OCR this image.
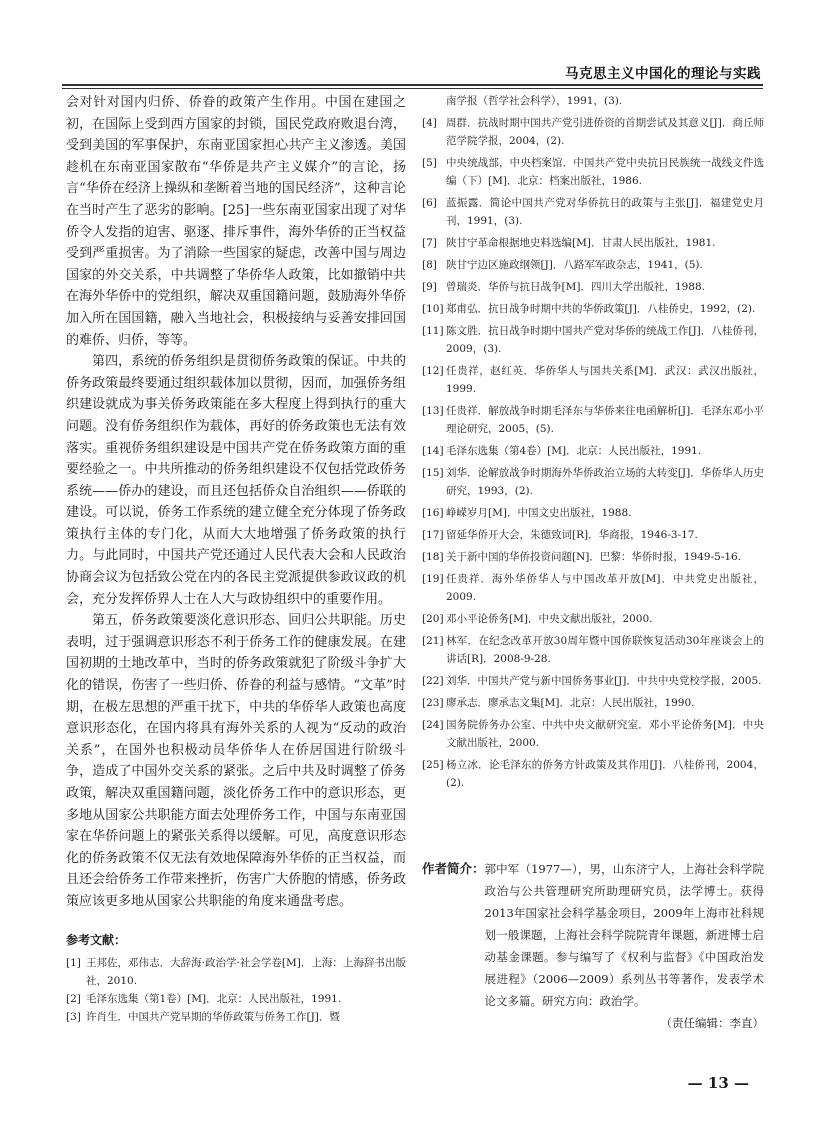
马克思主义中国化的理论与实践

会对针对国内归侨、侨眷的政策产生作用。中国在建国之初，在国际上受到西方国家的封锁，国民党政府败退台湾，受到美国的军事保护，东南亚国家担心共产主义渗透。美国趁机在东南亚国家散布“华侨是共产主义媒介”的言论，扬言“华侨在经济上操纵和垄断着当地的国民经济”，这种言论在当时产生了恶劣的影响。[25]一些东南亚国家出现了对华侨令人发指的迫害、驱逐、排斥事件，海外华侨的正当权益受到严重损害。为了消除一些国家的疑虑，改善中国与周边国家的外交关系，中共调整了华侨华人政策，比如撤销中共在海外华侨中的党组织，解决双重国籍问题，鼓励海外华侨加入所在国国籍，融入当地社会，积极接纳与妥善安排回国的难侨、归侨，等等。

第四，系统的侨务组织是贯彻侨务政策的保证。中共的侨务政策最终要通过组织载体加以贯彻，因而，加强侨务组织建设就成为事关侨务政策能在多大程度上得到执行的重大问题。没有侨务组织作为载体，再好的侨务政策也无法有效落实。重视侨务组织建设是中国共产党在侨务政策方面的重要经验之一。中共所推动的侨务组织建设不仅包括党政侨务系统——侨办的建设，而且还包括侨众自治组织——侨联的建设。可以说，侨务工作系统的建立健全充分体现了侨务政策执行主体的专门化，从而大大地增强了侨务政策的执行力。与此同时，中国共产党还通过人民代表大会和人民政治协商会议为包括致公党在内的各民主党派提供参政议政的机会，充分发挥侨界人士在人大与政协组织中的重要作用。

第五，侨务政策要淡化意识形态、回归公共职能。历史表明，过于强调意识形态不利于侨务工作的健康发展。在建国初期的土地改革中，当时的侨务政策就犯了阶级斗争扩大化的错误，伤害了一些归侨、侨眷的利益与感情。“文革”时期，在极左思想的严重干扰下，中共的华侨华人政策也高度意识形态化，在国内将具有海外关系的人视为“反动的政治关系”，在国外也积极动员华侨华人在侨居国进行阶级斗争，造成了中国外交关系的紧张。之后中共及时调整了侨务政策，解决双重国籍问题，淡化侨务工作中的意识形态，更多地从国家公共职能方面去处理侨务工作，中国与东南亚国家在华侨问题上的紧张关系得以缓解。可见，高度意识形态化的侨务政策不仅无法有效地保障海外华侨的正当权益，而且还会给侨务工作带来挫折，伤害广大侨胞的情感，侨务政策应该更多地从国家公共职能的角度来通盘考虑。

参考文献：
[1] 王邦佐，邓伟志．大辞海·政治学·社会学卷[M]．上海：上海辞书出版社，2010.
[2] 毛泽东选集（第1卷）[M]．北京：人民出版社，1991.
[3] 许肖生．中国共产党早期的华侨政策与侨务工作[J]．暨
南学报（哲学社会科学），1991，(3).
[4] 周群．抗战时期中国共产党引进侨资的首期尝试及其意义[J]．商丘师范学院学报，2004，(2).
[5] 中央统战部，中央档案馆．中国共产党中央抗日民族统一战线文件选编（下）[M]．北京：档案出版社，1986.
[6] 蓝振露．简论中国共产党对华侨抗日的政策与主张[J]．福建党史月刊，1991，(3).
[7] 陕甘宁革命根据地史料选编[M]．甘肃人民出版社，1981.
[8] 陕甘宁边区施政纲领[J]．八路军军政杂志，1941，(5).
[9] 曾瑞炎．华侨与抗日战争[M]．四川大学出版社，1988.
[10] 郑甫弘．抗日战争时期中共的华侨政策[J]．八桂侨史，1992，(2).
[11] 陈文胜．抗日战争时期中国共产党对华侨的统战工作[J]．八桂侨刊，2009，(3).
[12] 任贵祥，赵红英．华侨华人与国共关系[M]．武汉：武汉出版社，1999.
[13] 任贵祥．解放战争时期毛泽东与华侨来往电函解析[J]．毛泽东邓小平理论研究，2005，(5).
[14] 毛泽东选集（第4卷）[M]．北京：人民出版社，1991.
[15] 刘华．论解放战争时期海外华侨政治立场的大转变[J]．华侨华人历史研究，1993，(2).
[16] 峥嵘岁月[M]．中国文史出版社，1988.
[17] 留延华侨开大会，朱德致词[R]．华商报，1946-3-17.
[18] 关于新中国的华侨投资问题[N]．巴黎：华侨时报，1949-5-16.
[19] 任贵祥．海外华侨华人与中国改革开放[M]．中共党史出版社，2009.
[20] 邓小平论侨务[M]．中央文献出版社，2000.
[21] 林军．在纪念改革开放30周年暨中国侨联恢复活动30年座谈会上的讲话[R]．2008-9-28.
[22] 刘华．中国共产党与新中国侨务事业[J]．中共中央党校学报，2005.
[23] 廖承志．廖承志文集[M]．北京：人民出版社，1990.
[24] 国务院侨务办公室、中共中央文献研究室．邓小平论侨务[M]．中央文献出版社，2000.
[25] 杨立冰．论毛泽东的侨务方针政策及其作用[J]．八桂侨刊，2004，(2).
作者简介： 郭中军（1977—），男，山东济宁人，上海社会科学院政治与公共管理研究所助理研究员，法学博士。获得2013年国家社会科学基金项目，2009年上海市社科规划一般课题，上海社会科学院院青年课题，新进博士启动基金课题。参与编写了《权利与监督》《中国政治发展进程》（2006—2009）系列丛书等著作，发表学术论文多篇。研究方向：政治学。
（责任编辑：李直）
— 13 —
